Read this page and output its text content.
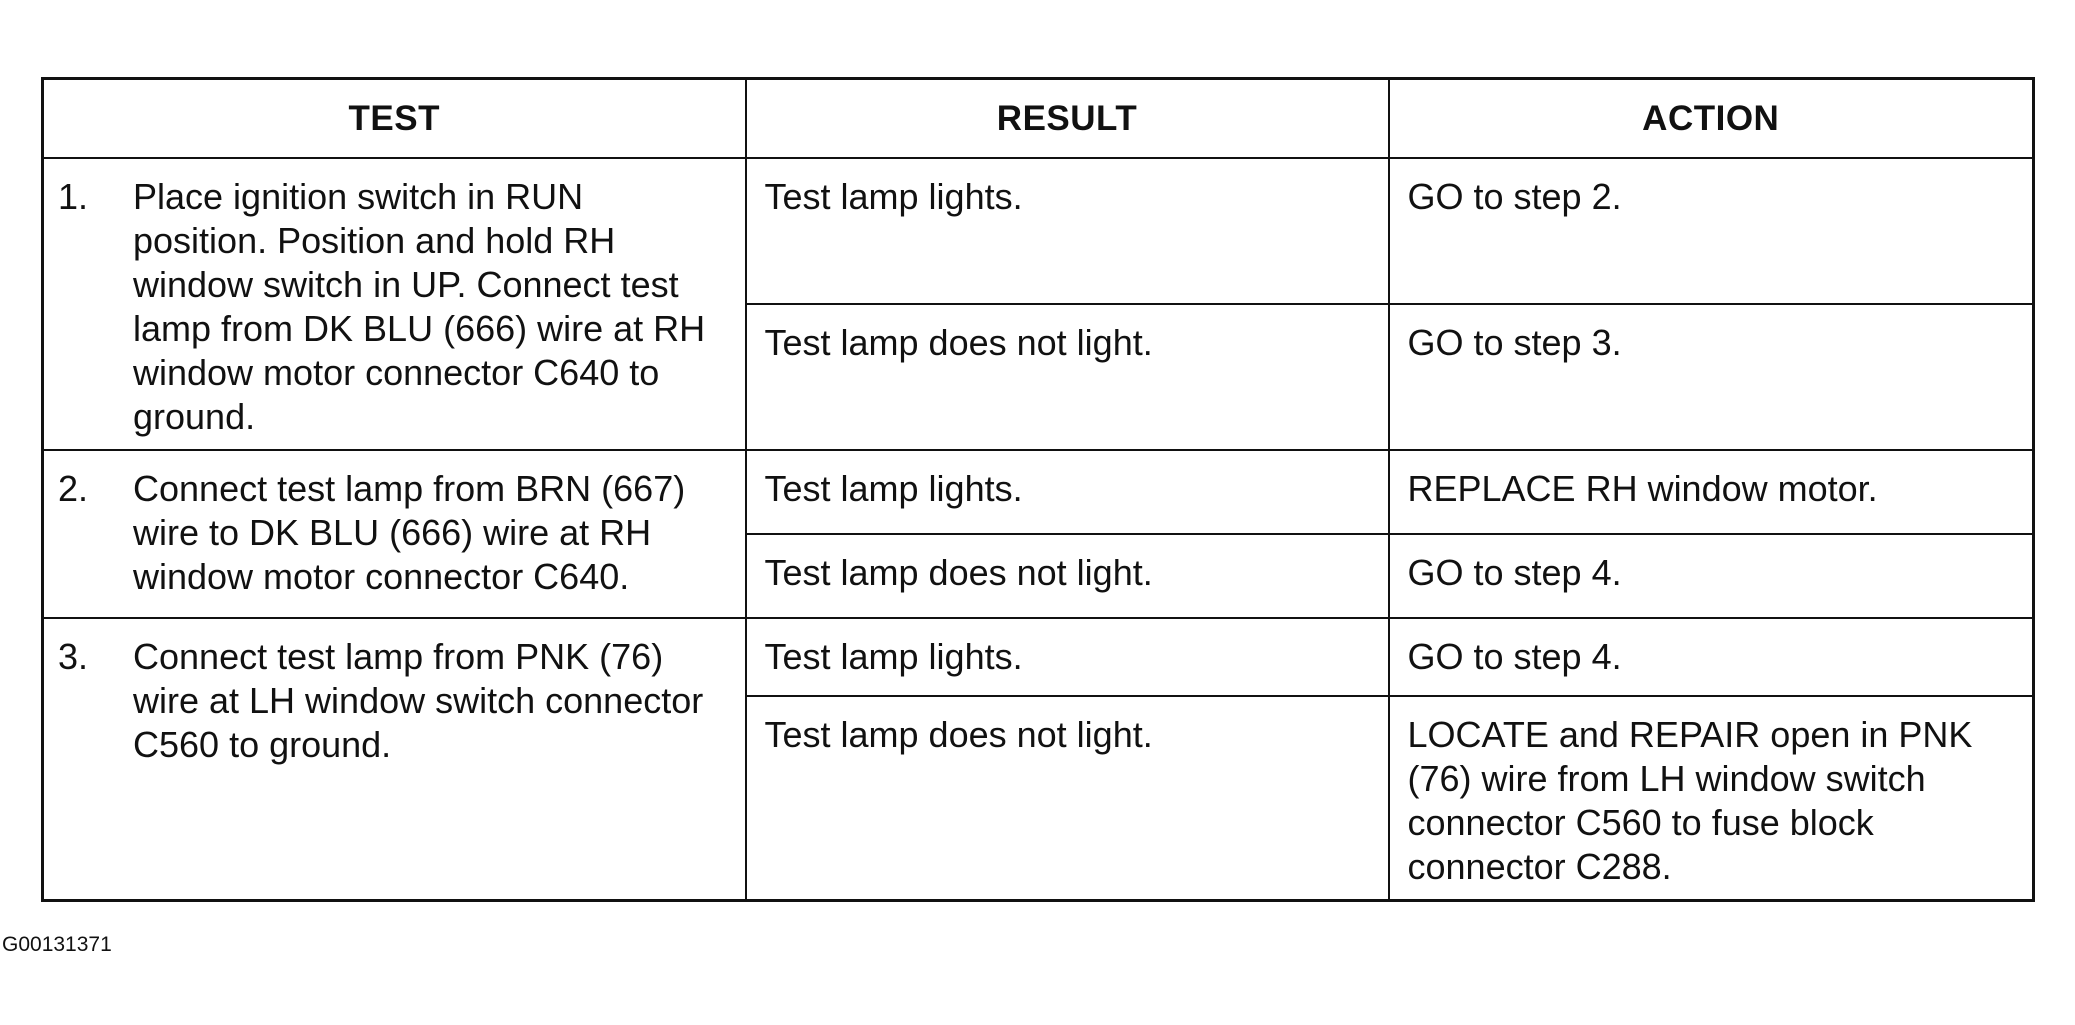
TEST	RESULT	ACTION

1. Place ignition switch in RUN position. Position and hold RH window switch in UP. Connect test lamp from DK BLU (666) wire at RH window motor connector C640 to ground.	Test lamp lights.	GO to step 2.
	Test lamp does not light.	GO to step 3.

2. Connect test lamp from BRN (667) wire to DK BLU (666) wire at RH window motor connector C640.	Test lamp lights.	REPLACE RH window motor.
	Test lamp does not light.	GO to step 4.

3. Connect test lamp from PNK (76) wire at LH window switch connector C560 to ground.	Test lamp lights.	GO to step 4.
	Test lamp does not light.	LOCATE and REPAIR open in PNK (76) wire from LH window switch connector C560 to fuse block connector C288.
G00131371
